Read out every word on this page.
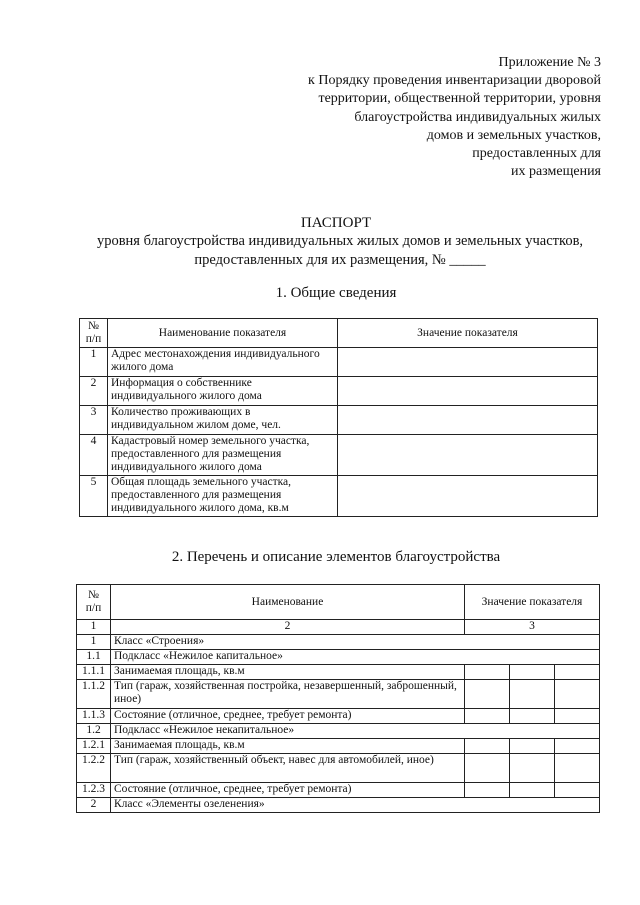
Приложение № 3
к Порядку проведения инвентаризации дворовой
территории, общественной территории, уровня
благоустройства индивидуальных жилых
домов и земельных участков,
предоставленных для
их размещения
ПАСПОРТ
уровня благоустройства индивидуальных жилых домов и земельных участков,
предоставленных для их размещения, № _____
1. Общие сведения
№
п/п	Наименование показателя	Значение показателя
1	Адрес местонахождения индивидуального жилого дома	
2	Информация о собственнике индивидуального жилого дома	
3	Количество проживающих в индивидуальном жилом доме, чел.	
4	Кадастровый номер земельного участка, предоставленного для размещения индивидуального жилого дома	
5	Общая площадь земельного участка, предоставленного для размещения индивидуального жилого дома, кв.м	
2. Перечень и описание элементов благоустройства
№
п/п	Наименование	Значение показателя		
1	2	3		
1	Класс «Строения»			
1.1	Подкласс «Нежилое капитальное»			
1.1.1	Занимаемая площадь, кв.м			
1.1.2	Тип (гараж, хозяйственная постройка, незавершенный, заброшенный, иное)			
1.1.3	Состояние (отличное, среднее, требует ремонта)			
1.2	Подкласс «Нежилое некапитальное»			
1.2.1	Занимаемая площадь, кв.м			
1.2.2	Тип (гараж, хозяйственный объект, навес для автомобилей, иное)			
1.2.3	Состояние (отличное, среднее, требует ремонта)			
2	Класс «Элементы озеленения»			
